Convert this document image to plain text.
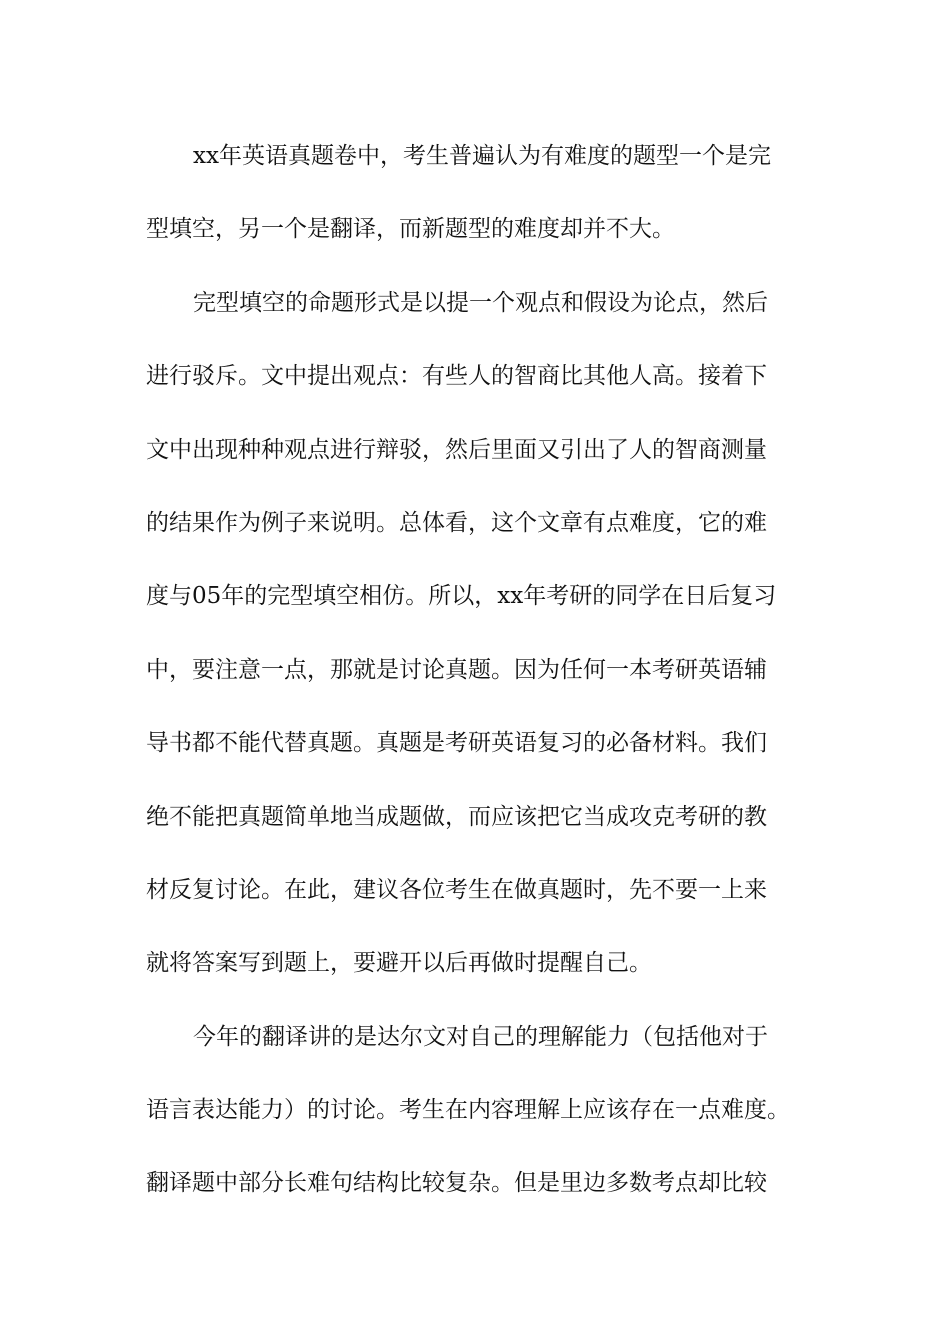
xx年英语真题卷中，考生普遍认为有难度的题型一个是完
型填空，另一个是翻译，而新题型的难度却并不大。
完型填空的命题形式是以提一个观点和假设为论点，然后
进行驳斥。文中提出观点：有些人的智商比其他人高。接着下
文中出现种种观点进行辩驳，然后里面又引出了人的智商测量
的结果作为例子来说明。总体看，这个文章有点难度，它的难
度与05年的完型填空相仿。所以，xx年考研的同学在日后复习
中，要注意一点，那就是讨论真题。因为任何一本考研英语辅
导书都不能代替真题。真题是考研英语复习的必备材料。我们
绝不能把真题简单地当成题做，而应该把它当成攻克考研的教
材反复讨论。在此，建议各位考生在做真题时，先不要一上来
就将答案写到题上，要避开以后再做时提醒自己。
今年的翻译讲的是达尔文对自己的理解能力（包括他对于
语言表达能力）的讨论。考生在内容理解上应该存在一点难度。
翻译题中部分长难句结构比较复杂。但是里边多数考点却比较
